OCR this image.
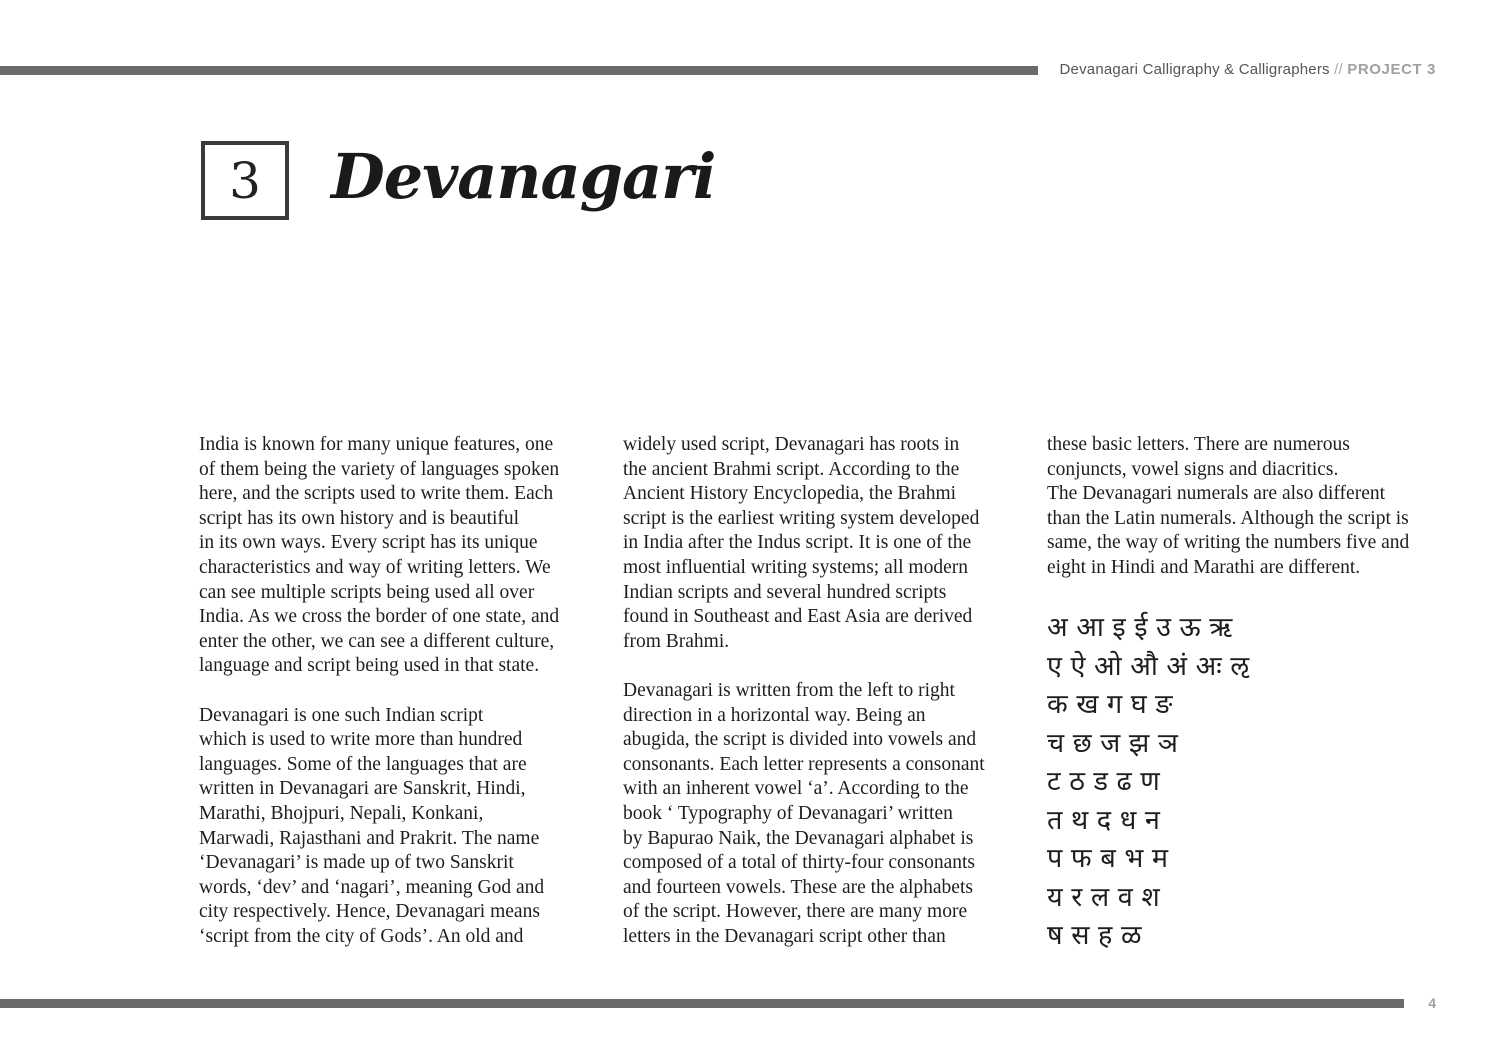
Devanagari Calligraphy & Calligraphers // PROJECT 3
3 Devanagari

India is known for many unique features, one
of them being the variety of languages spoken
here, and the scripts used to write them. Each
script has its own history and is beautiful
in its own ways. Every script has its unique
characteristics and way of writing letters. We
can see multiple scripts being used all over
India. As we cross the border of one state, and
enter the other, we can see a different culture,
language and script being used in that state.

Devanagari is one such Indian script
which is used to write more than hundred
languages. Some of the languages that are
written in Devanagari are Sanskrit, Hindi,
Marathi, Bhojpuri, Nepali, Konkani,
Marwadi, Rajasthani and Prakrit. The name
‘Devanagari’ is made up of two Sanskrit
words, ‘dev’ and ‘nagari’, meaning God and
city respectively. Hence, Devanagari means
‘script from the city of Gods’. An old and

widely used script, Devanagari has roots in
the ancient Brahmi script. According to the
Ancient History Encyclopedia, the Brahmi
script is the earliest writing system developed
in India after the Indus script. It is one of the
most influential writing systems; all modern
Indian scripts and several hundred scripts
found in Southeast and East Asia are derived
from Brahmi.

Devanagari is written from the left to right
direction in a horizontal way. Being an
abugida, the script is divided into vowels and
consonants. Each letter represents a consonant
with an inherent vowel ‘a’. According to the
book ‘ Typography of Devanagari’ written
by Bapurao Naik, the Devanagari alphabet is
composed of a total of thirty-four consonants
and fourteen vowels. These are the alphabets
of the script. However, there are many more
letters in the Devanagari script other than

these basic letters. There are numerous
conjuncts, vowel signs and diacritics.
The Devanagari numerals are also different
than the Latin numerals. Although the script is
same, the way of writing the numbers five and
eight in Hindi and Marathi are different.

अ आ इ ई उ ऊ ऋ
ए ऐ ओ औ अं अः ऌ
क ख ग घ ङ
च छ ज झ ञ
ट ठ ड ढ ण
त थ द ध न
प फ ब भ म
य र ल व श
ष स ह ळ
4
